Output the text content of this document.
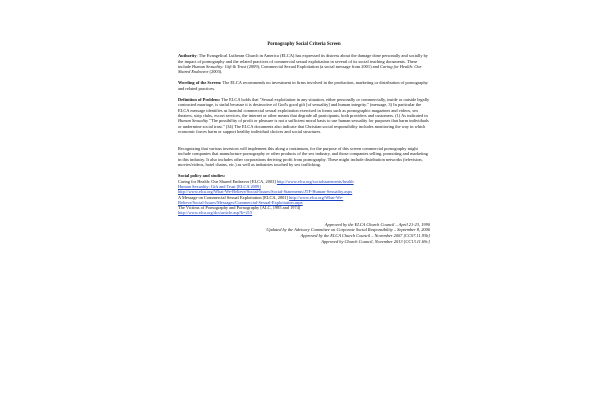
Pornography Social Criteria Screen

Authority: The Evangelical Lutheran Church in America (ELCA) has expressed its distress about the damage done personally and socially by the impact of pornography and the related practices of commercial sexual exploitation in several of its social teaching documents. These include Human Sexuality: Gift & Trust (2009), Commercial Sexual Exploitation (a social message from 2001) and Caring for Health: Our Shared Endeavor (2003).

Wording of the Screen: The ELCA recommends no investment in firms involved in the production, marketing or distribution of pornography and related practices.

Definition of Problem: The ELCA holds that "Sexual exploitation in any situation, either personally or commercially, inside or outside legally contracted marriage, is sinful because it is destructive of God's good gift [of sexuality] and human integrity." (message, 3) In particular the ELCA message identifies as harmful commercial sexual exploitation exercised in forms such as pornographic magazines and videos, sex theaters, strip clubs, escort services, the internet or other means that degrade all participants, both providers and customers. (1) As indicated in Human Sexuality "The possibility of profit or pleasure is not a sufficient moral basis to use human sexuality for purposes that harm individuals or undermine social trust." (34) The ELCA documents also indicate that Christian social responsibility includes monitoring the way in which economic forces harm or support healthy individual choices and social structures.

Recognizing that various investors will implement this along a continuum, for the purpose of this screen commercial pornography might include companies that manufacture pornography or other products of the sex industry, and those companies selling, promoting and marketing in this industry. It also includes other corporations deriving profit from pornography. These might include distribution networks (television, movies/videos, hotel chains, etc.) as well as industries touched by sex trafficking.

Social policy and studies:
Caring for Health: Our Shared Endeavor [ELCA, 2003] http://www.elca.org/socialstatements/health
Human Sexuality: Gift and Trust [ELCA 2009]
http://www.elca.org/What-We-Believe/Social-Issues/Social-Statements/JTF-Human-Sexuality.aspx
A Message on Commercial Sexual Exploitation [ELCA, 2001] http://www.elca.org/What-We-
Believe/Social-Issues/Messages/Commercial-Sexual-Exploitation.aspx
The Victims of Pornography and Pornography [ALC, 1985 and 1974]
http://www.elca.org/dcs/article.asp?k=215
Approved by the ELCA Church Council – April 21-23, 1990
Updated by the Advisory Committee on Corporate Social Responsibility – September 8, 2006
Approved by the ELCA Church Council – November 2007 [CC07.11.93b]
Approved by Church Council, November 2013 [CC13.11.69c]
